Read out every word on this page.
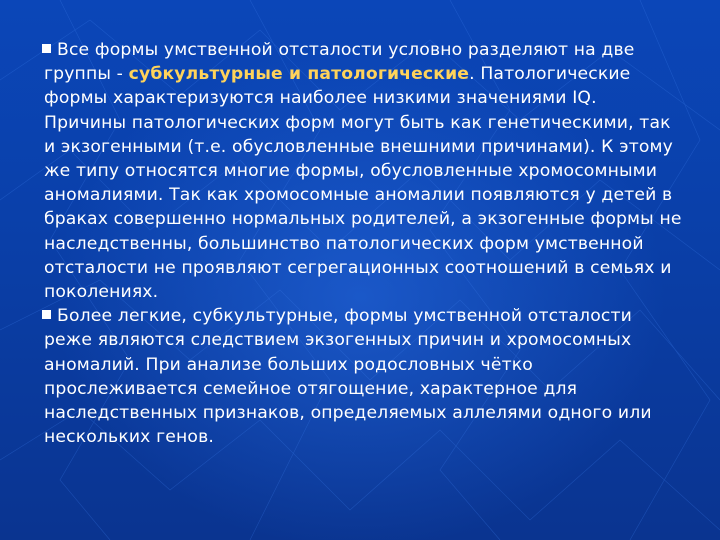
Все формы умственной отсталости условно разделяют на две группы - субкультурные и патологические. Патологические формы характеризуются наиболее низкими значениями IQ. Причины патологических форм могут быть как генетическими, так и экзогенными (т.е. обусловленные внешними причинами). К этому же типу относятся многие формы, обусловленные хромосомными аномалиями. Так как хромосомные аномалии появляются у детей в браках совершенно нормальных родителей, а экзогенные формы не наследственны, большинство патологических форм умственной отсталости не проявляют сегрегационных соотношений в семьях и поколениях.

Более легкие, субкультурные, формы умственной отсталости реже являются следствием экзогенных причин и хромосомных аномалий. При анализе больших родословных чётко прослеживается семейное отягощение, характерное для наследственных признаков, определяемых аллелями одного или нескольких генов.
